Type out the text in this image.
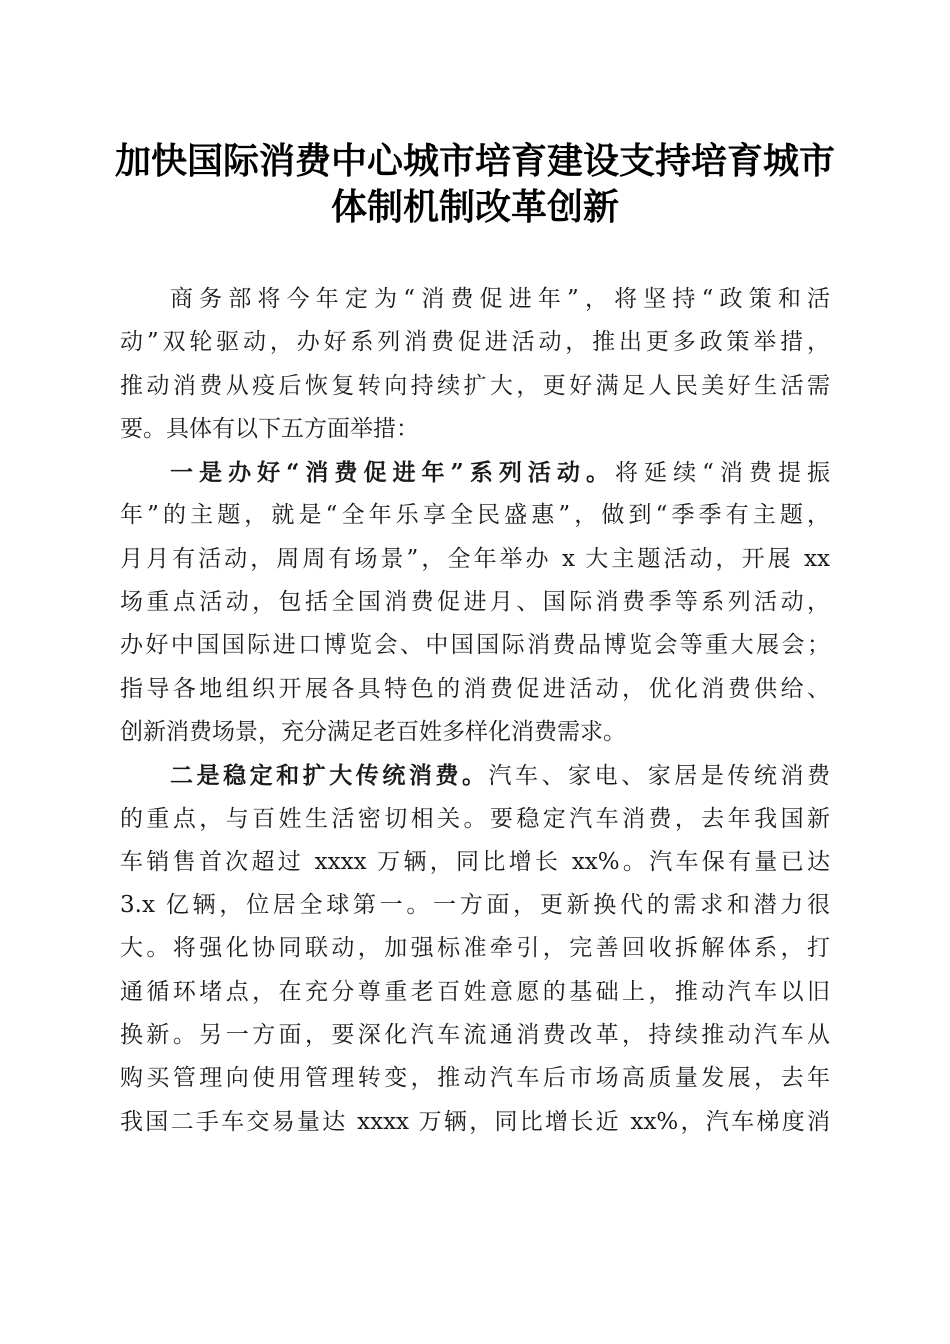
加快国际消费中心城市培育建设支持培育城市
体制机制改革创新
商务部将今年定为“消费促进年”，将坚持“政策和活
动”双轮驱动，办好系列消费促进活动，推出更多政策举措，
推动消费从疫后恢复转向持续扩大，更好满足人民美好生活需
要。具体有以下五方面举措：
一是办好“消费促进年”系列活动。将延续“消费提振
年”的主题，就是“全年乐享全民盛惠”，做到“季季有主题，
月月有活动，周周有场景”，全年举办 x 大主题活动，开展 xx
场重点活动，包括全国消费促进月、国际消费季等系列活动，
办好中国国际进口博览会、中国国际消费品博览会等重大展会；
指导各地组织开展各具特色的消费促进活动，优化消费供给、
创新消费场景，充分满足老百姓多样化消费需求。
二是稳定和扩大传统消费。汽车、家电、家居是传统消费
的重点，与百姓生活密切相关。要稳定汽车消费，去年我国新
车销售首次超过 xxxx 万辆，同比增长 xx%。汽车保有量已达
3.x 亿辆，位居全球第一。一方面，更新换代的需求和潜力很
大。将强化协同联动，加强标准牵引，完善回收拆解体系，打
通循环堵点，在充分尊重老百姓意愿的基础上，推动汽车以旧
换新。另一方面，要深化汽车流通消费改革，持续推动汽车从
购买管理向使用管理转变，推动汽车后市场高质量发展，去年
我国二手车交易量达 xxxx 万辆，同比增长近 xx%，汽车梯度消
